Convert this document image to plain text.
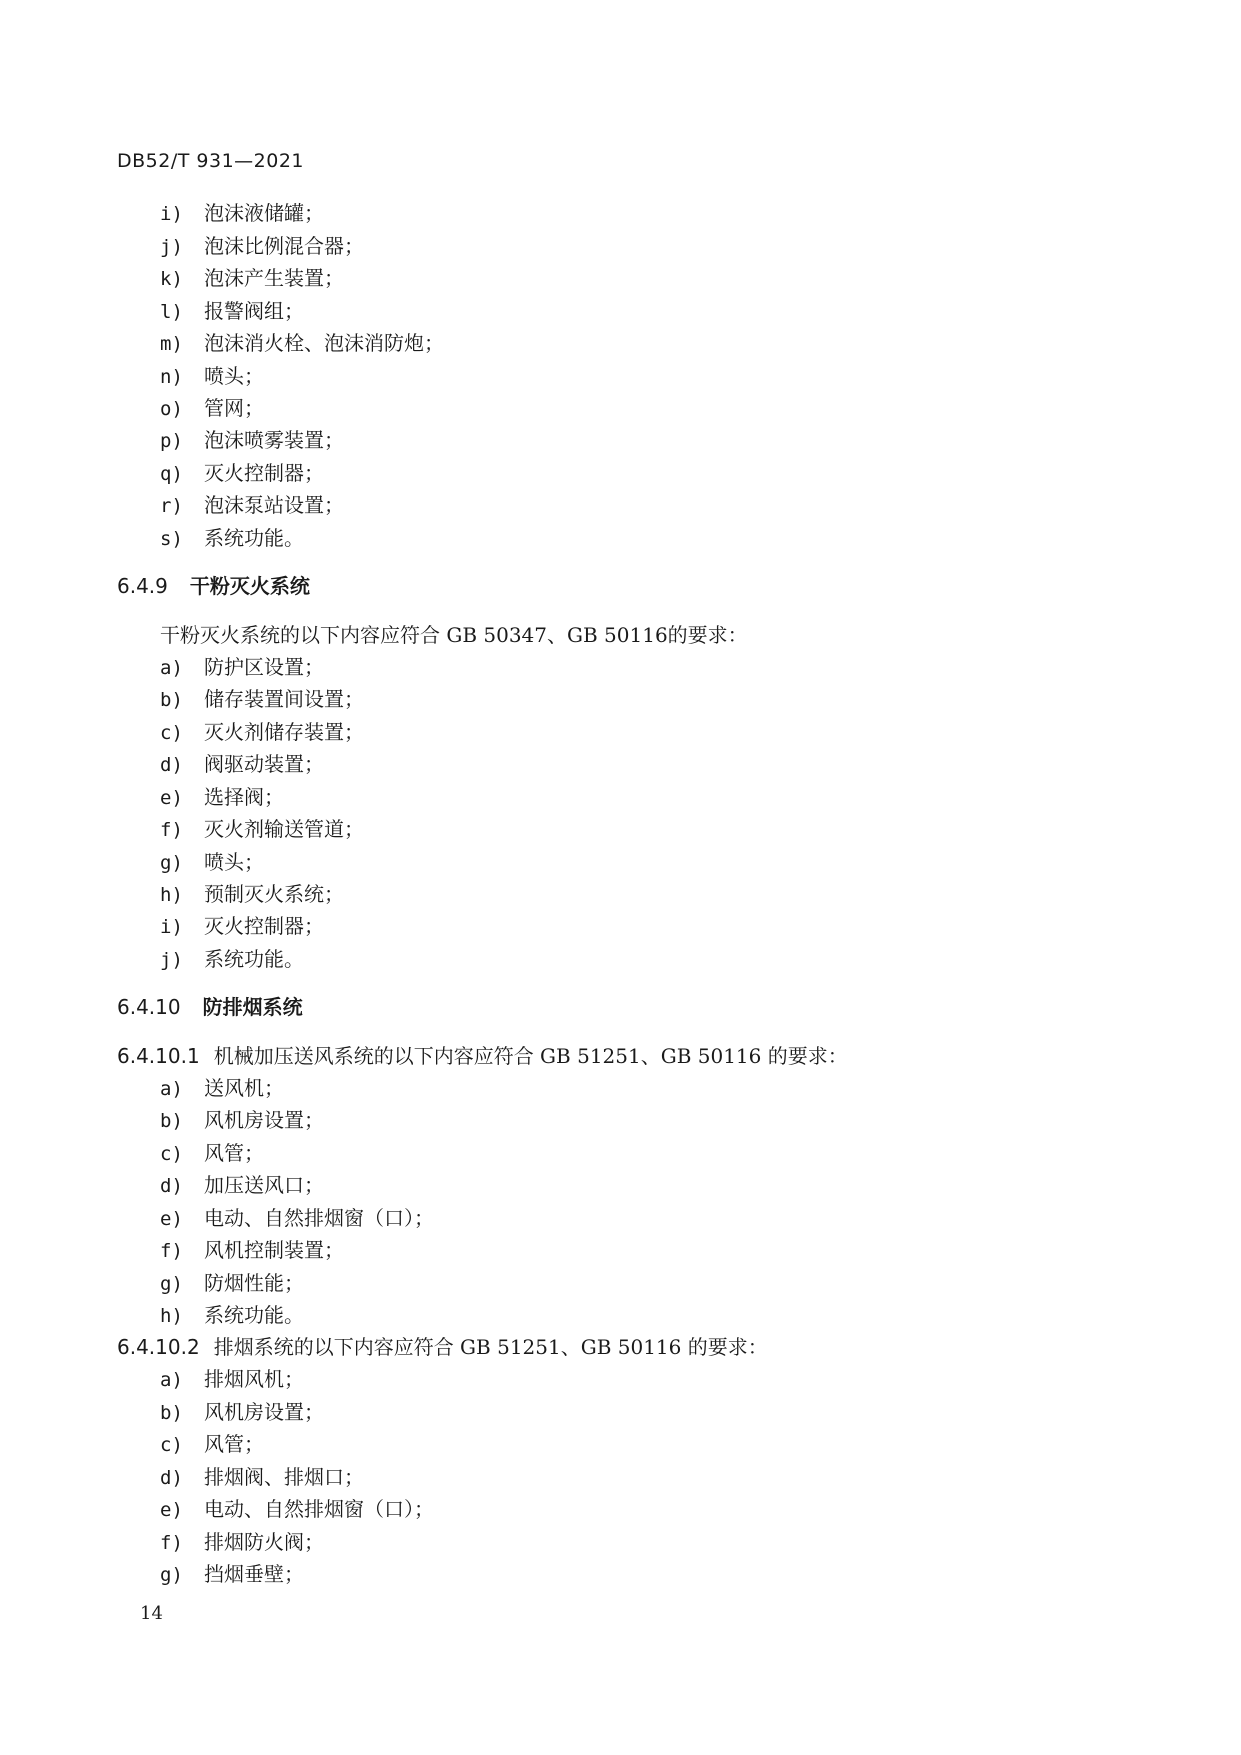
DB52/T 931—2021
i) 泡沫液储罐；
j) 泡沫比例混合器；
k) 泡沫产生装置；
l) 报警阀组；
m) 泡沫消火栓、泡沫消防炮；
n) 喷头；
o) 管网；
p) 泡沫喷雾装置；
q) 灭火控制器；
r) 泡沫泵站设置；
s) 系统功能。
6.4.9 干粉灭火系统
干粉灭火系统的以下内容应符合 GB 50347、GB 50116的要求：
a) 防护区设置；
b) 储存装置间设置；
c) 灭火剂储存装置；
d) 阀驱动装置；
e) 选择阀；
f) 灭火剂输送管道；
g) 喷头；
h) 预制灭火系统；
i) 灭火控制器；
j) 系统功能。
6.4.10 防排烟系统
6.4.10.1 机械加压送风系统的以下内容应符合 GB 51251、GB 50116 的要求：
a) 送风机；
b) 风机房设置；
c) 风管；
d) 加压送风口；
e) 电动、自然排烟窗（口）；
f) 风机控制装置；
g) 防烟性能；
h) 系统功能。
6.4.10.2 排烟系统的以下内容应符合 GB 51251、GB 50116 的要求：
a) 排烟风机；
b) 风机房设置；
c) 风管；
d) 排烟阀、排烟口；
e) 电动、自然排烟窗（口）；
f) 排烟防火阀；
g) 挡烟垂壁；
14
